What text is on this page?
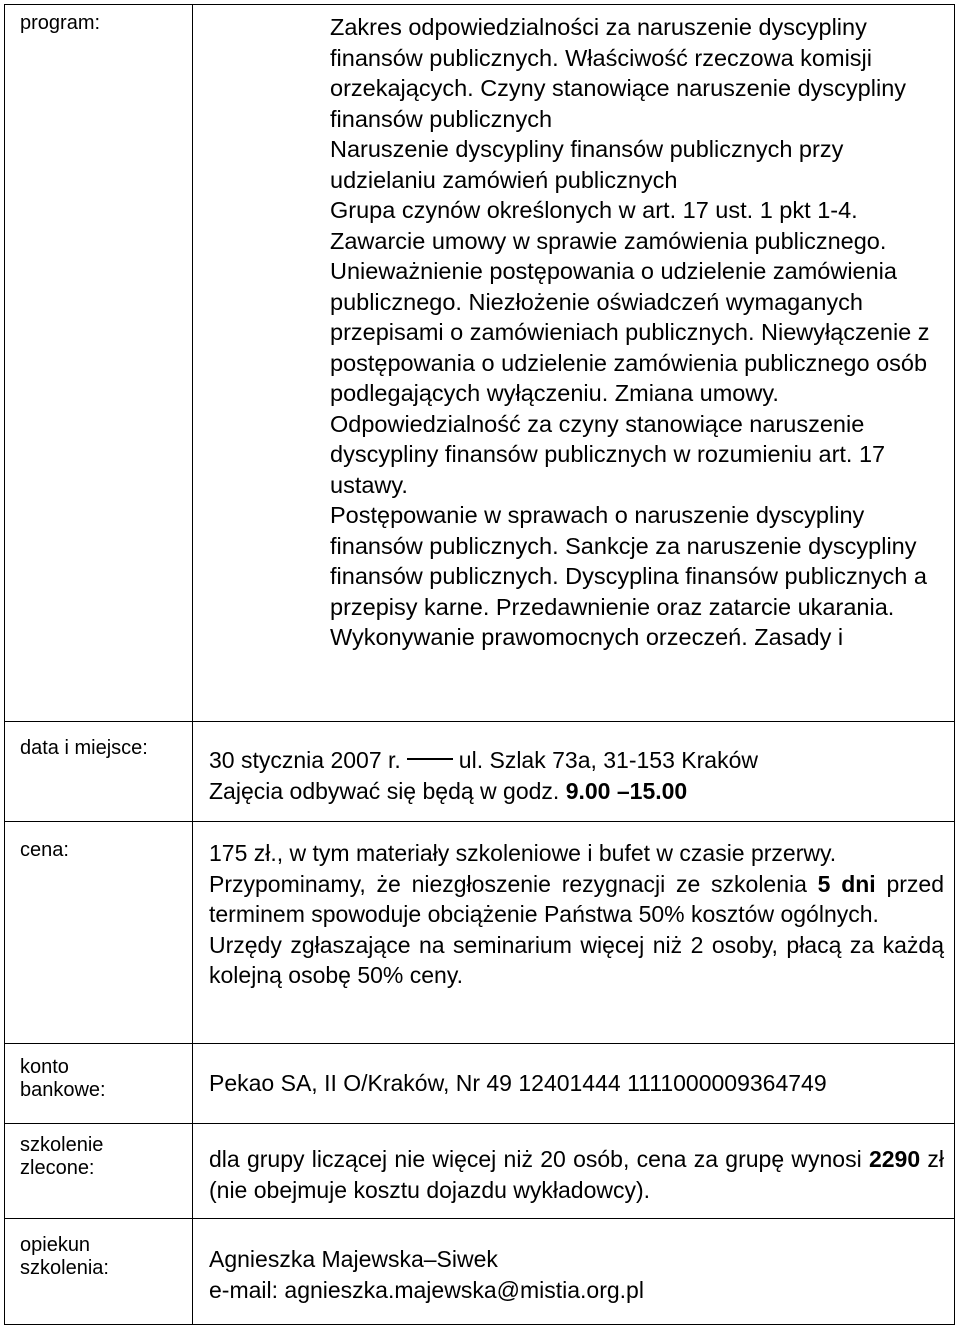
program:
data i miejsce:
cena:
konto
bankowe:
szkolenie
zlecone:
opiekun
szkolenia:
Zakres odpowiedzialności za naruszenie dyscypliny finansów publicznych. Właściwość rzeczowa komisji orzekających. Czyny stanowiące naruszenie dyscypliny finansów publicznych
Naruszenie dyscypliny finansów publicznych przy udzielaniu zamówień publicznych
Grupa czynów określonych w art. 17 ust. 1 pkt 1-4. Zawarcie umowy w sprawie zamówienia publicznego. Unieważnienie postępowania o udzielenie zamówienia publicznego. Niezłożenie oświadczeń wymaganych przepisami o zamówieniach publicznych. Niewyłączenie z postępowania o udzielenie zamówienia publicznego osób podlegających wyłączeniu. Zmiana umowy.
Odpowiedzialność za czyny stanowiące naruszenie dyscypliny finansów publicznych w rozumieniu art. 17 ustawy.
Postępowanie w sprawach o naruszenie dyscypliny finansów publicznych. Sankcje za naruszenie dyscypliny finansów publicznych. Dyscyplina finansów publicznych a przepisy karne. Przedawnienie oraz zatarcie ukarania. Wykonywanie prawomocnych orzeczeń. Zasady i
30 stycznia 2007 r.	ul. Szlak 73a, 31-153 Kraków
Zajęcia odbywać się będą w godz. 9.00 –15.00
175 zł., w tym materiały szkoleniowe i bufet w czasie przerwy.
Przypominamy, że niezgłoszenie rezygnacji ze szkolenia 5 dni przed terminem spowoduje obciążenie Państwa 50% kosztów ogólnych.
Urzędy zgłaszające na seminarium więcej niż 2 osoby, płacą za każdą kolejną osobę 50% ceny.
Pekao SA, II O/Kraków, Nr 49 12401444 1111000009364749
dla grupy liczącej nie więcej niż 20 osób, cena za grupę wynosi 2290 zł (nie obejmuje kosztu dojazdu wykładowcy).
Agnieszka Majewska–Siwek
e-mail: agnieszka.majewska@mistia.org.pl
